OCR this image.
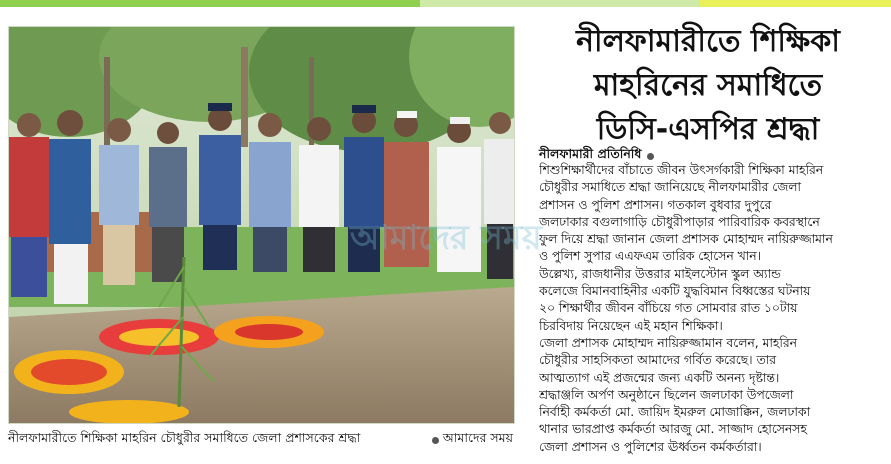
আমাদের সময়
নীলফামারীতে শিক্ষিকা মাহরিন চৌধুরীর সমাধিতে জেলা প্রশাসকের শ্রদ্ধা	আমাদের সময়
নীলফামারীতে শিক্ষিকা
মাহরিনের সমাধিতে
ডিসি-এসপির শ্রদ্ধা
নীলফামারী প্রতিনিধি
শিশুশিক্ষার্থীদের বাঁচাতে জীবন উৎসর্গকারী শিক্ষিকা মাহরিন
চৌধুরীর সমাধিতে শ্রদ্ধা জানিয়েছে নীলফামারীর জেলা
প্রশাসন ও পুলিশ প্রশাসন। গতকাল বুধবার দুপুরে
জলঢাকার বগুলাগাড়ি চৌধুরীপাড়ার পারিবারিক কবরস্থানে
ফুল দিয়ে শ্রদ্ধা জানান জেলা প্রশাসক মোহাম্মদ নায়িরুজ্জামান
ও পুলিশ সুপার এএফএম তারিক হোসেন খান।
উল্লেখ্য, রাজধানীর উত্তরার মাইলস্টোন স্কুল অ্যান্ড
কলেজে বিমানবাহিনীর একটি যুদ্ধবিমান বিধ্বস্তের ঘটনায়
২০ শিক্ষার্থীর জীবন বাঁচিয়ে গত সোমবার রাত ১০টায়
চিরবিদায় নিয়েছেন এই মহান শিক্ষিকা।
জেলা প্রশাসক মোহাম্মদ নায়িরুজ্জামান বলেন, মাহরিন
চৌধুরীর সাহসিকতা আমাদের গর্বিত করেছে। তার
আত্মত্যাগ এই প্রজন্মের জন্য একটি অনন্য দৃষ্টান্ত।
শ্রদ্ধাঞ্জলি অর্পণ অনুষ্ঠানে ছিলেন জলঢাকা উপজেলা
নির্বাহী কর্মকর্তা মো. জায়িদ ইমরুল মোজাক্কিন, জলঢাকা
থানার ভারপ্রাপ্ত কর্মকর্তা আরজু মো. সাজ্জাদ হোসেনসহ
জেলা প্রশাসন ও পুলিশের ঊর্ধ্বতন কর্মকর্তারা।
